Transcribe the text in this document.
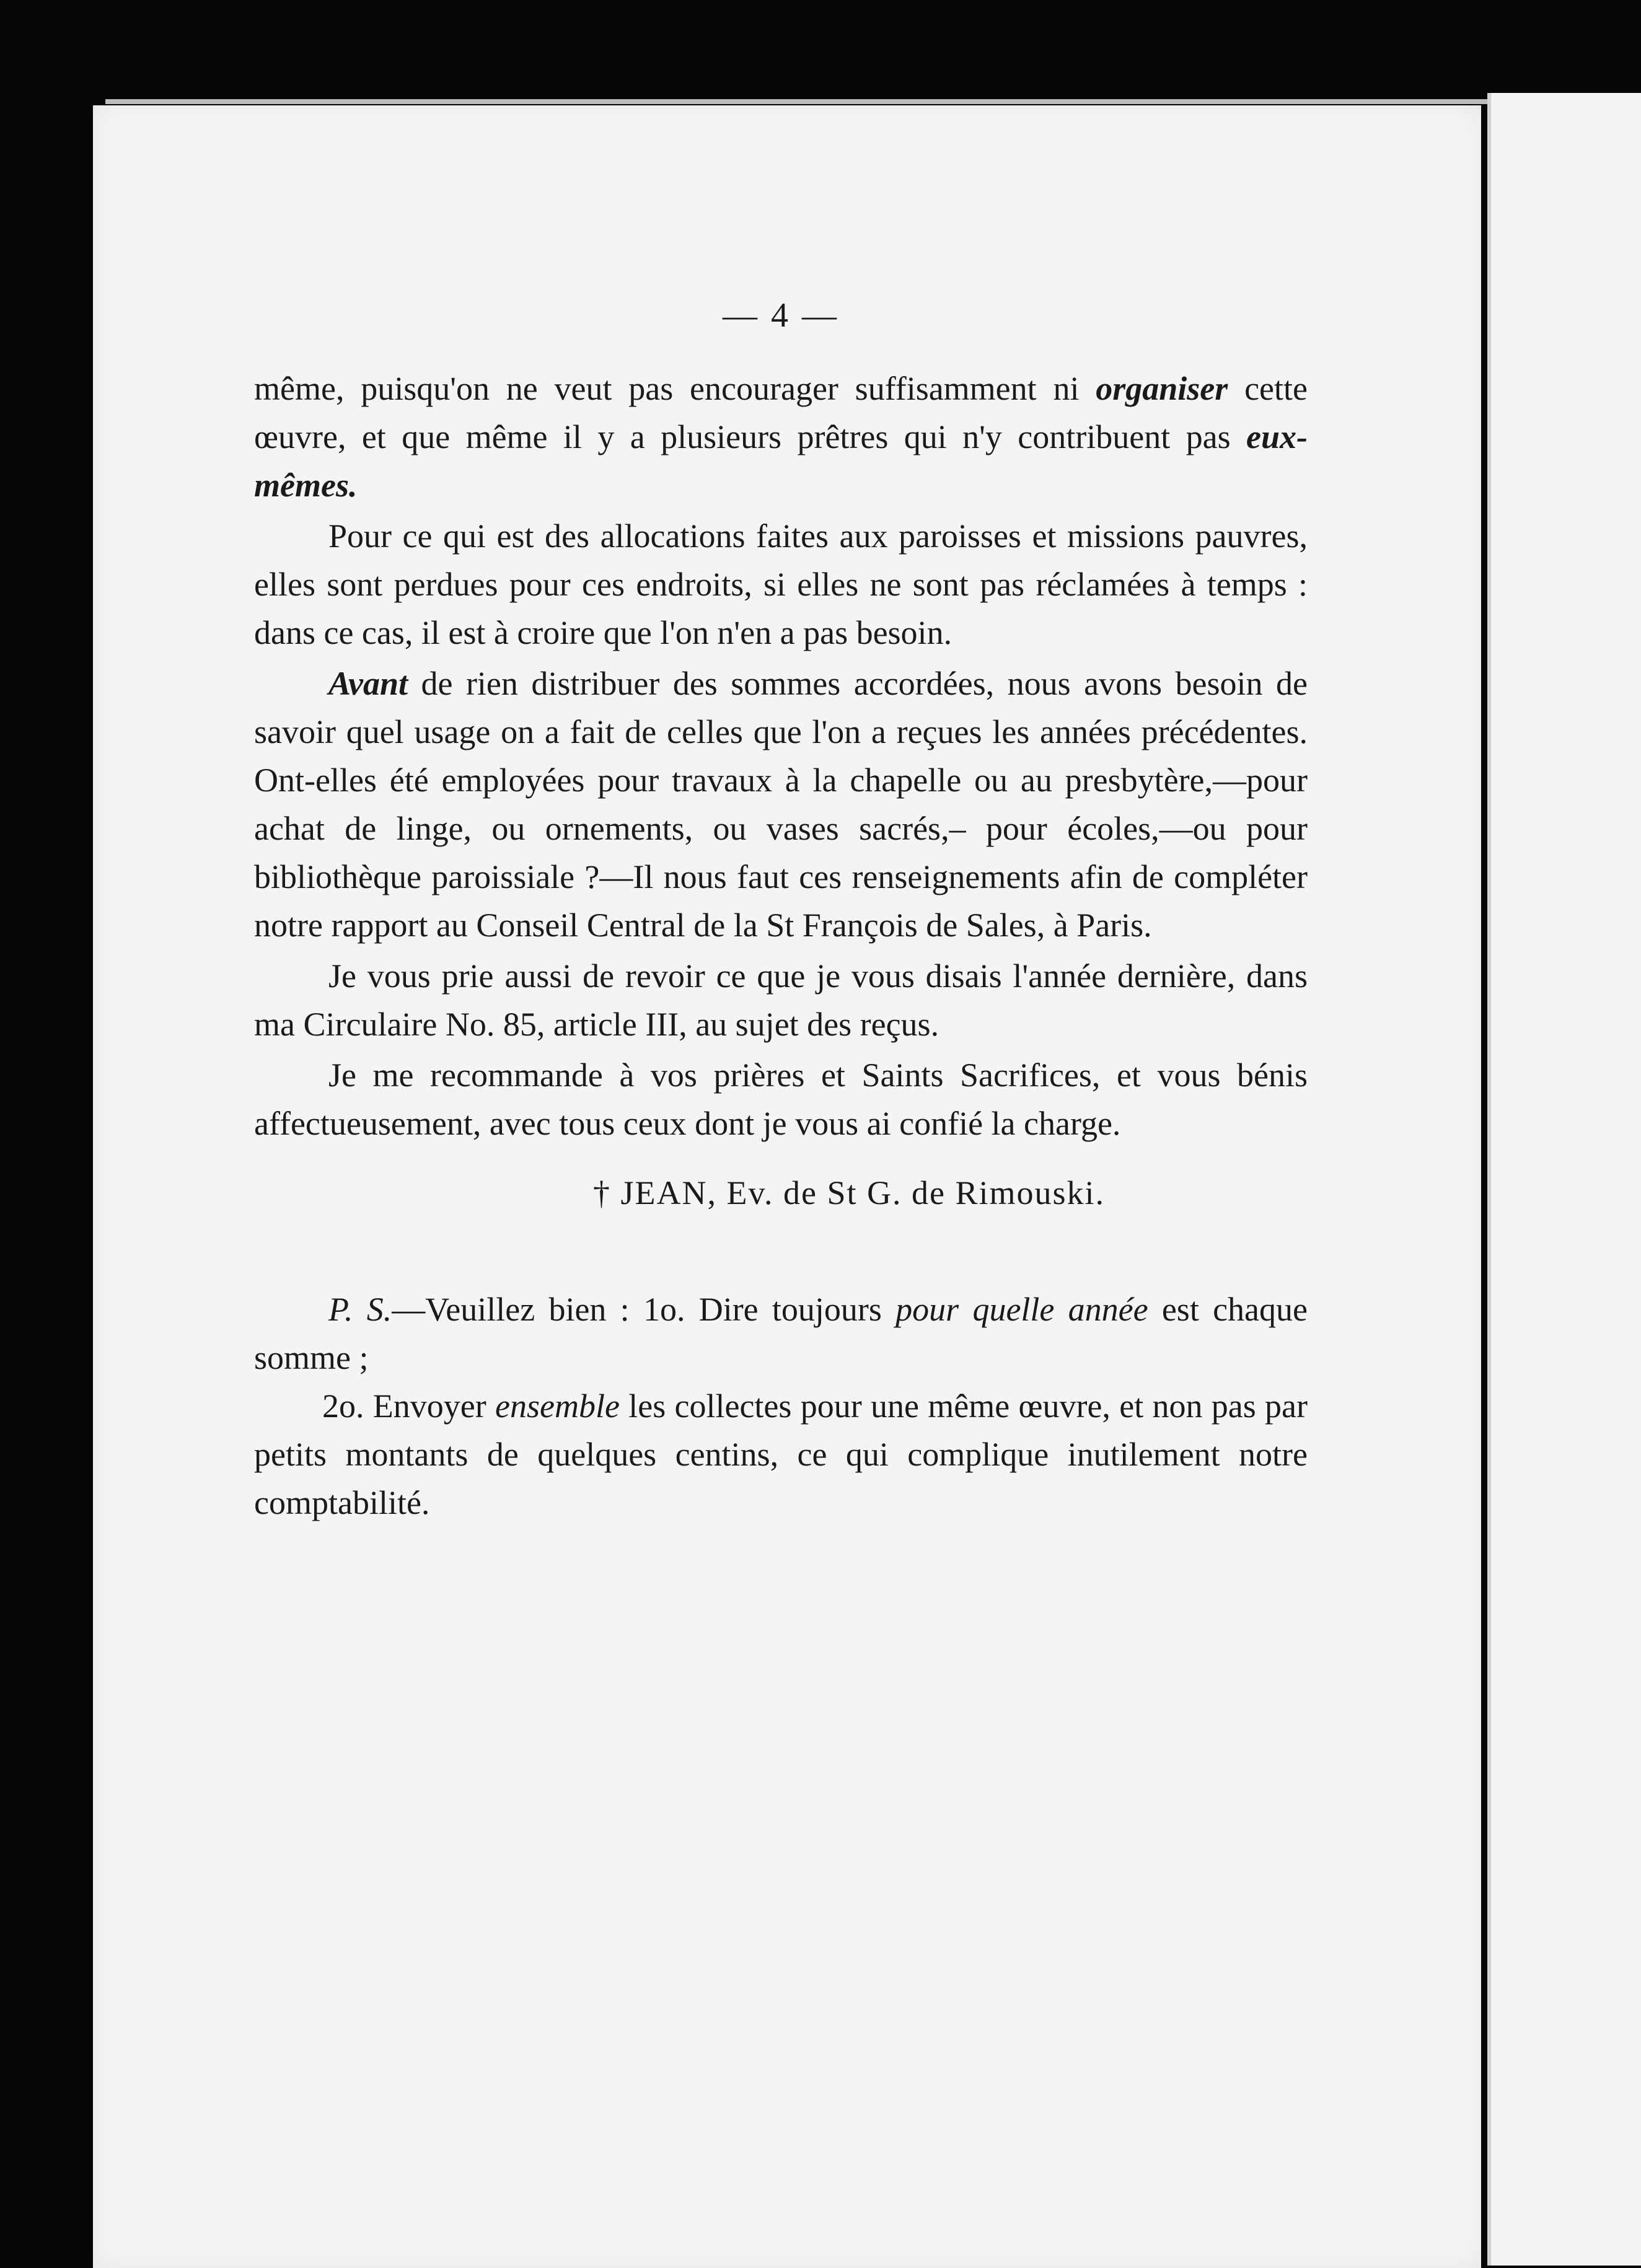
— 4 —

même, puisqu'on ne veut pas encourager suffisamment ni organiser cette œuvre, et que même il y a plusieurs prêtres qui n'y contribuent pas eux-mêmes.

Pour ce qui est des allocations faites aux paroisses et missions pauvres, elles sont perdues pour ces endroits, si elles ne sont pas réclamées à temps : dans ce cas, il est à croire que l'on n'en a pas besoin.

Avant de rien distribuer des sommes accordées, nous avons besoin de savoir quel usage on a fait de celles que l'on a reçues les années précédentes. Ont-elles été employées pour travaux à la chapelle ou au presbytère,—pour achat de linge, ou ornements, ou vases sacrés,– pour écoles,—ou pour bibliothèque paroissiale ?—Il nous faut ces renseignements afin de compléter notre rapport au Conseil Central de la St François de Sales, à Paris.

Je vous prie aussi de revoir ce que je vous disais l'année dernière, dans ma Circulaire No. 85, article III, au sujet des reçus.

Je me recommande à vos prières et Saints Sacrifices, et vous bénis affectueusement, avec tous ceux dont je vous ai confié la charge.

† JEAN, Ev. de St G. de Rimouski.

P. S.—Veuillez bien : 1o. Dire toujours pour quelle année est chaque somme ;

2o. Envoyer ensemble les collectes pour une même œuvre, et non pas par petits montants de quelques centins, ce qui complique inutilement notre comptabilité.
